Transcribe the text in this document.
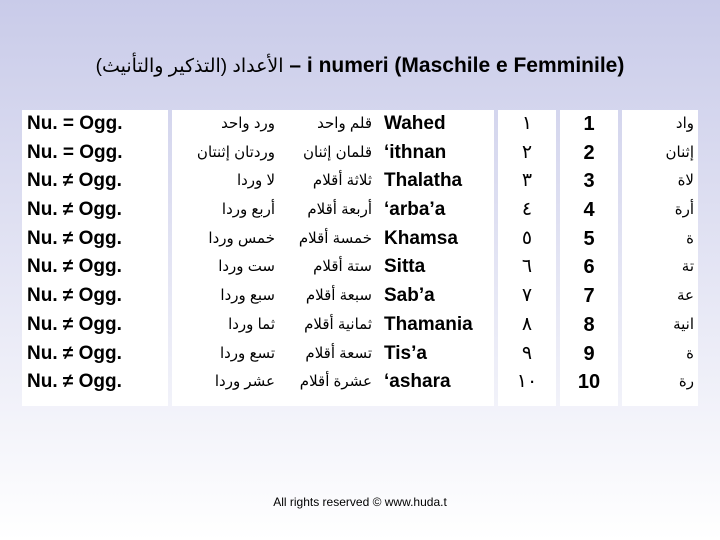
الأعداد (التذكير والتأنيث) – i numeri (Maschile e Femminile)
Nu. = Ogg.
Nu. = Ogg.
Nu. ≠ Ogg.
Nu. ≠ Ogg.
Nu. ≠ Ogg.
Nu. ≠ Ogg.
Nu. ≠ Ogg.
Nu. ≠ Ogg.
Nu. ≠ Ogg.
Nu. ≠ Ogg.
ورد واحد
وردتان إثنتان
لا وردا
أربع وردا
خمس وردا
ست وردا
سبع وردا
ثما وردا
تسع وردا
عشر وردا
قلم واحد
قلمان إثنان
ثلاثة أقلام
أربعة أقلام
خمسة أقلام
ستة أقلام
سبعة أقلام
ثمانية أقلام
تسعة أقلام
عشرة أقلام
Wahed
‘ithnan
Thalatha
‘arba’a
Khamsa
Sitta
Sab’a
Thamania
Tis’a
‘ashara
١
٢
٣
٤
٥
٦
٧
٨
٩
١٠
1
2
3
4
5
6
7
8
9
10
واد
إثنان
لاة
أرة
ة
تة
عة
انية
ة
رة
All rights reserved © www.huda.t
